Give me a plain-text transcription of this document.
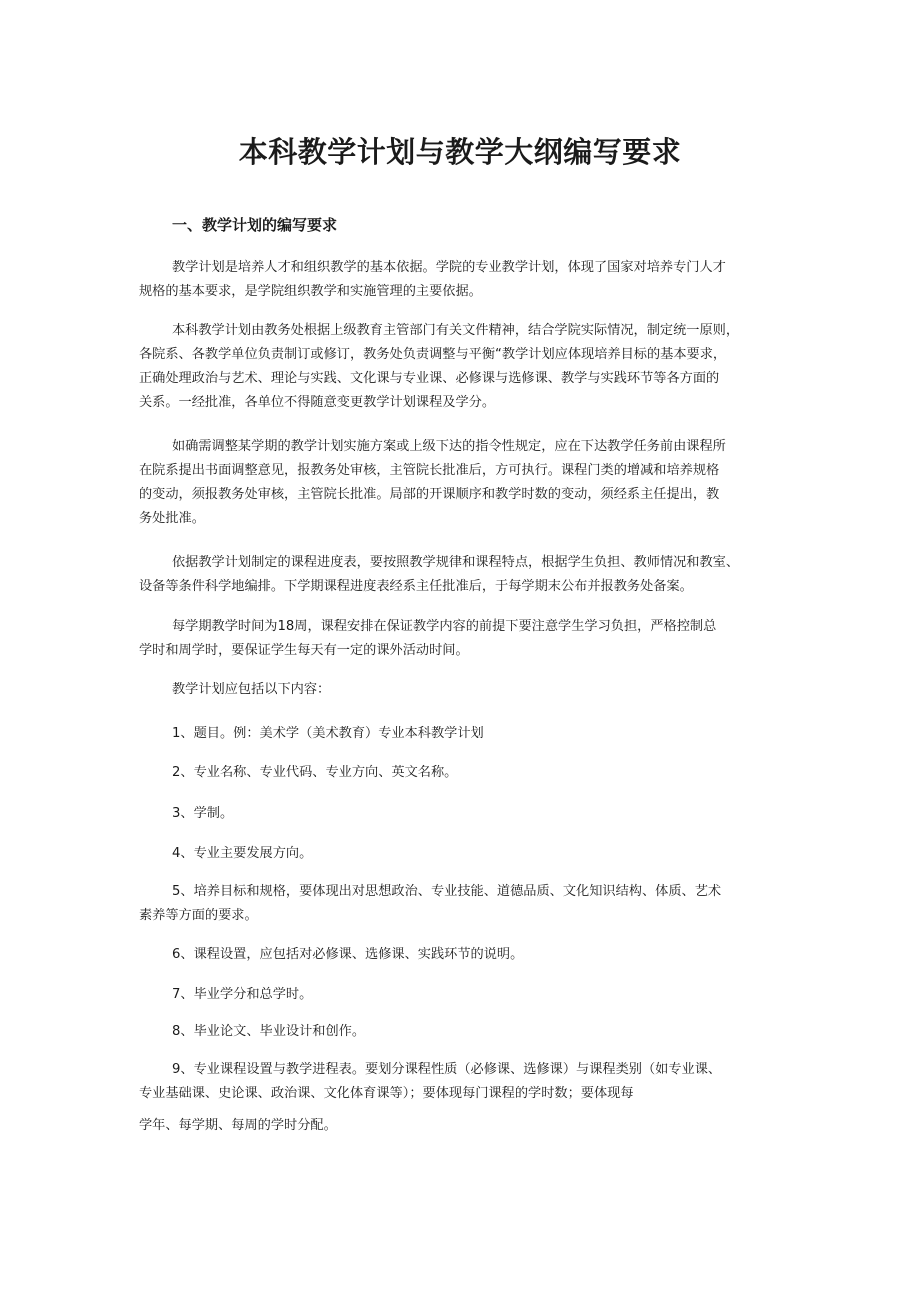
本科教学计划与教学大纲编写要求
一、教学计划的编写要求

教学计划是培养人才和组织教学的基本依据。学院的专业教学计划，体现了国家对培养专门人才
规格的基本要求，是学院组织教学和实施管理的主要依据。

本科教学计划由教务处根据上级教育主管部门有关文件精神，结合学院实际情况，制定统一原则，
各院系、各教学单位负责制订或修订，教务处负责调整与平衡“教学计划应体现培养目标的基本要求，
正确处理政治与艺术、理论与实践、文化课与专业课、必修课与选修课、教学与实践环节等各方面的
关系。一经批准，各单位不得随意变更教学计划课程及学分。

如确需调整某学期的教学计划实施方案或上级下达的指令性规定，应在下达教学任务前由课程所
在院系提出书面调整意见，报教务处审核，主管院长批准后，方可执行。课程门类的增减和培养规格
的变动，须报教务处审核，主管院长批准。局部的开课顺序和教学时数的变动，须经系主任提出，教
务处批准。

依据教学计划制定的课程进度表，要按照教学规律和课程特点，根据学生负担、教师情况和教室、
设备等条件科学地编排。下学期课程进度表经系主任批准后，于每学期末公布并报教务处备案。

每学期教学时间为18周，课程安排在保证教学内容的前提下要注意学生学习负担，严格控制总
学时和周学时，要保证学生每天有一定的课外活动时间。

教学计划应包括以下内容：

1、题目。例：美术学（美术教育）专业本科教学计划

2、专业名称、专业代码、专业方向、英文名称。

3、学制。

4、专业主要发展方向。

5、培养目标和规格，要体现出对思想政治、专业技能、道德品质、文化知识结构、体质、艺术
素养等方面的要求。

6、课程设置，应包括对必修课、选修课、实践环节的说明。

7、毕业学分和总学时。

8、毕业论文、毕业设计和创作。

9、专业课程设置与教学进程表。要划分课程性质（必修课、选修课）与课程类别（如专业课、
专业基础课、史论课、政治课、文化体育课等）；要体现每门课程的学时数；要体现每
学年、每学期、每周的学时分配。
